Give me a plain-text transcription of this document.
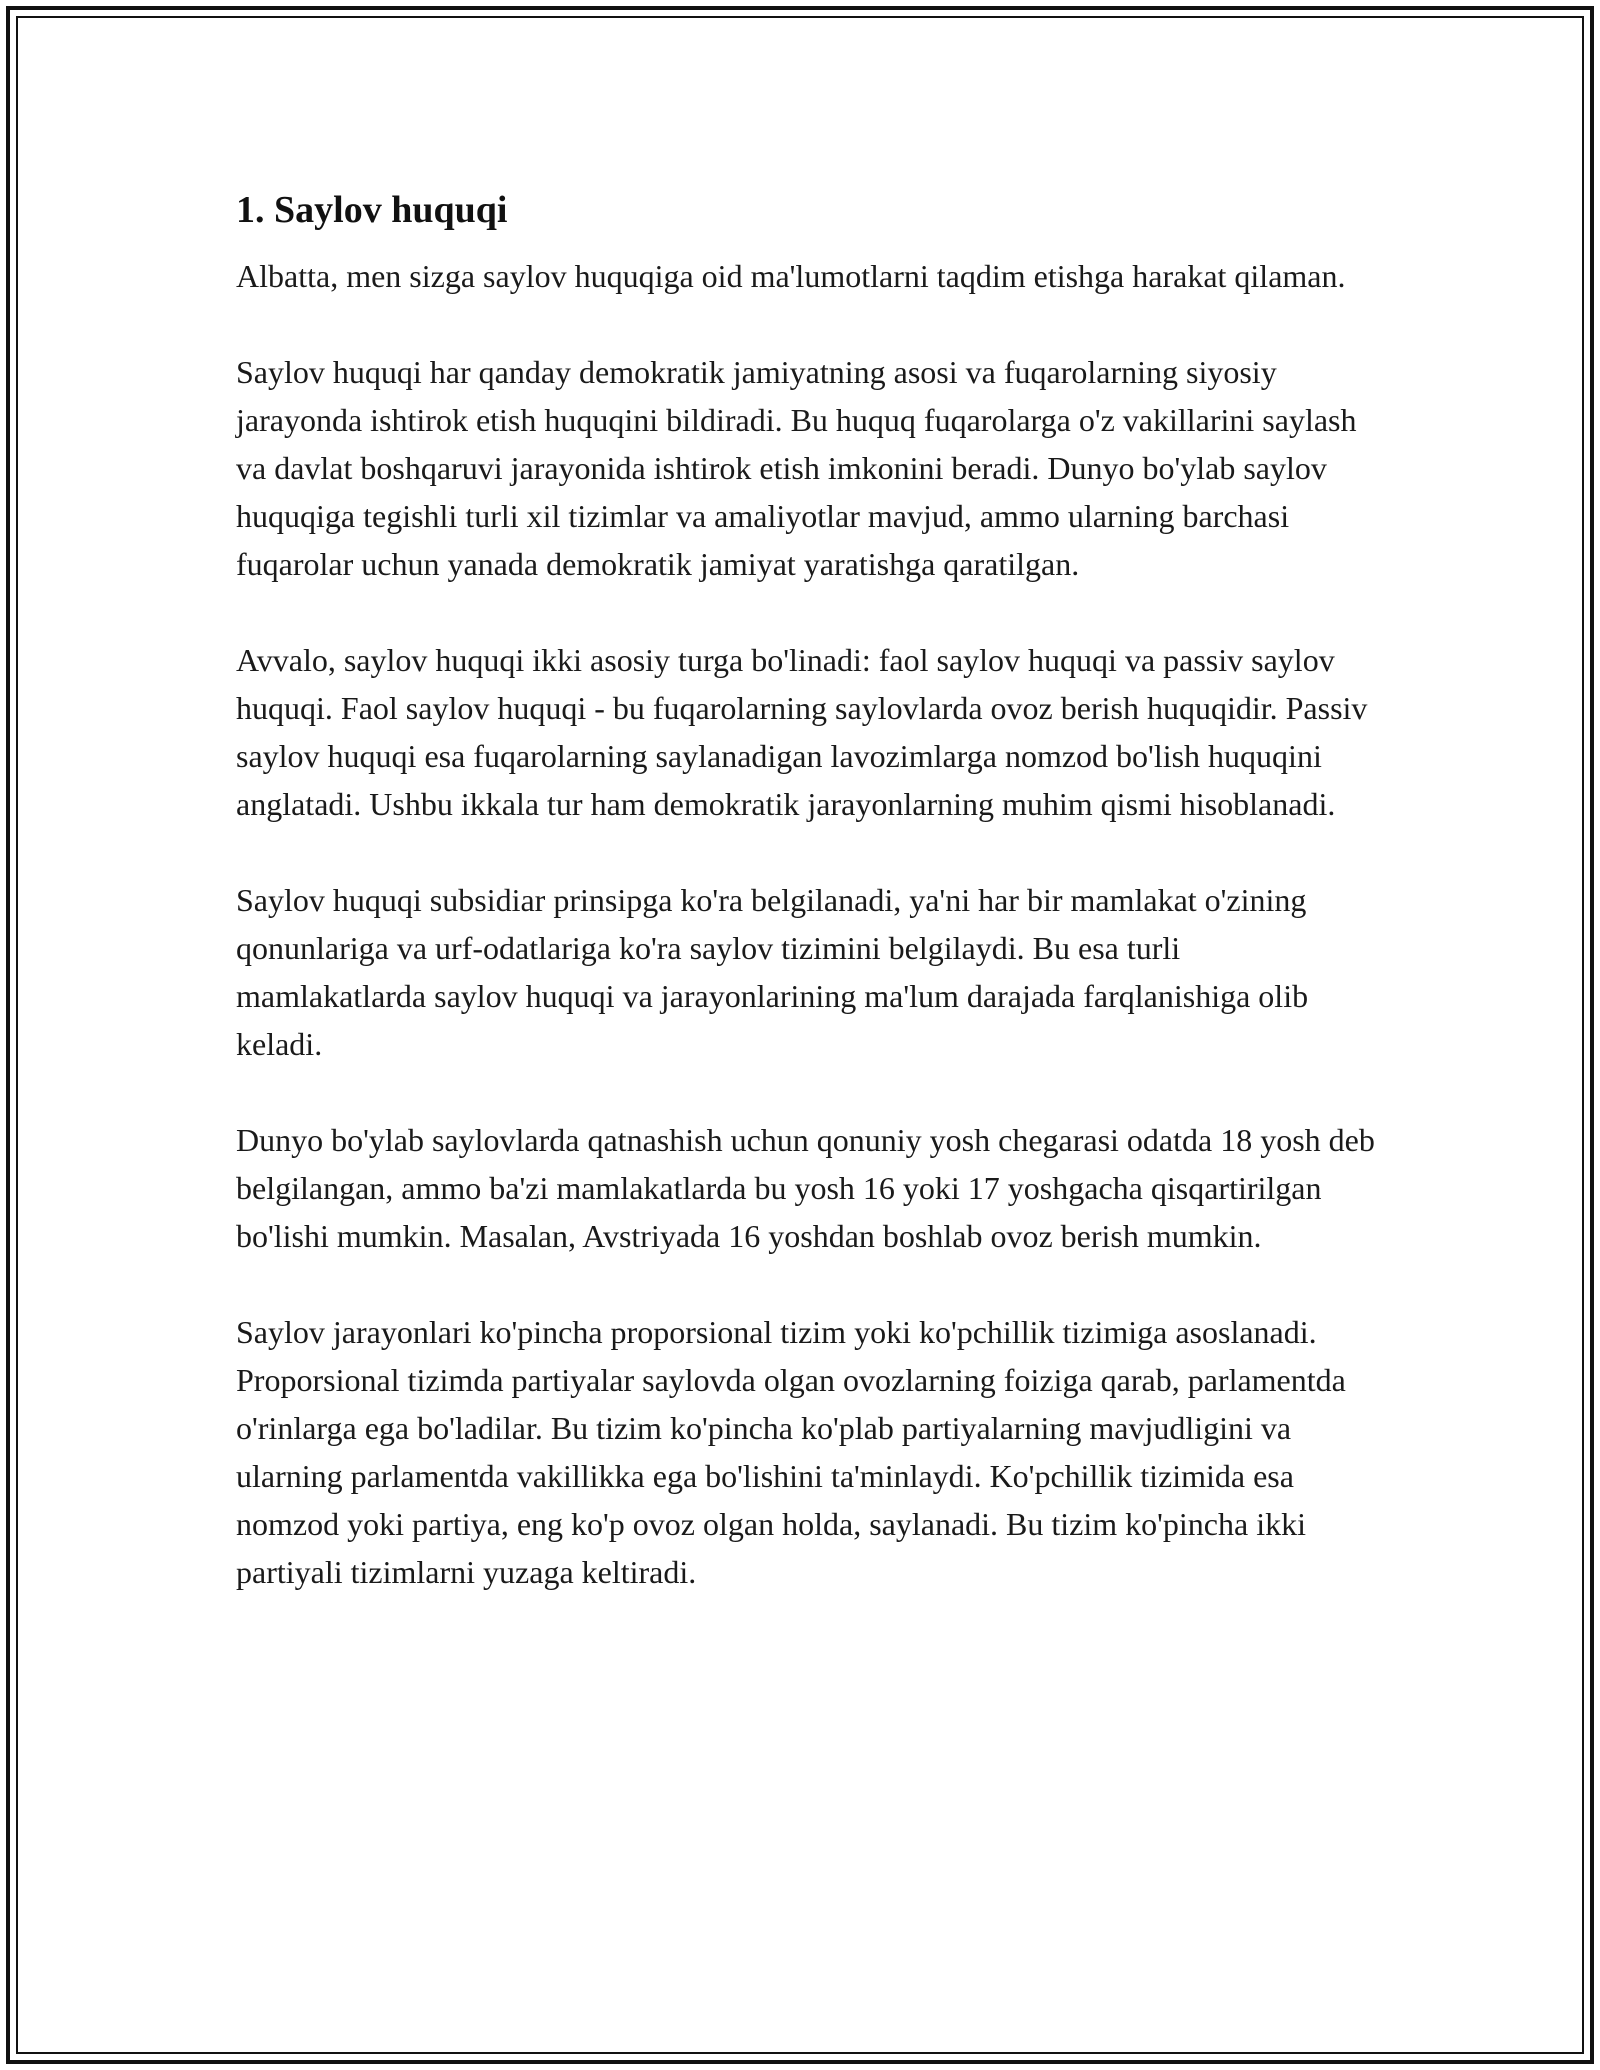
1. Saylov huquqi

Albatta, men sizga saylov huquqiga oid ma'lumotlarni taqdim etishga harakat qilaman.

Saylov huquqi har qanday demokratik jamiyatning asosi va fuqarolarning siyosiy jarayonda ishtirok etish huquqini bildiradi. Bu huquq fuqarolarga o'z vakillarini saylash va davlat boshqaruvi jarayonida ishtirok etish imkonini beradi. Dunyo bo'ylab saylov huquqiga tegishli turli xil tizimlar va amaliyotlar mavjud, ammo ularning barchasi fuqarolar uchun yanada demokratik jamiyat yaratishga qaratilgan.

Avvalo, saylov huquqi ikki asosiy turga bo'linadi: faol saylov huquqi va passiv saylov huquqi. Faol saylov huquqi - bu fuqarolarning saylovlarda ovoz berish huquqidir. Passiv saylov huquqi esa fuqarolarning saylanadigan lavozimlarga nomzod bo'lish huquqini anglatadi. Ushbu ikkala tur ham demokratik jarayonlarning muhim qismi hisoblanadi.

Saylov huquqi subsidiar prinsipga ko'ra belgilanadi, ya'ni har bir mamlakat o'zining qonunlariga va urf-odatlariga ko'ra saylov tizimini belgilaydi. Bu esa turli mamlakatlarda saylov huquqi va jarayonlarining ma'lum darajada farqlanishiga olib keladi.

Dunyo bo'ylab saylovlarda qatnashish uchun qonuniy yosh chegarasi odatda 18 yosh deb belgilangan, ammo ba'zi mamlakatlarda bu yosh 16 yoki 17 yoshgacha qisqartirilgan bo'lishi mumkin. Masalan, Avstriyada 16 yoshdan boshlab ovoz berish mumkin.

Saylov jarayonlari ko'pincha proporsional tizim yoki ko'pchillik tizimiga asoslanadi. Proporsional tizimda partiyalar saylovda olgan ovozlarning foiziga qarab, parlamentda o'rinlarga ega bo'ladilar. Bu tizim ko'pincha ko'plab partiyalarning mavjudligini va ularning parlamentda vakillikka ega bo'lishini ta'minlaydi. Ko'pchillik tizimida esa nomzod yoki partiya, eng ko'p ovoz olgan holda, saylanadi. Bu tizim ko'pincha ikki partiyali tizimlarni yuzaga keltiradi.
